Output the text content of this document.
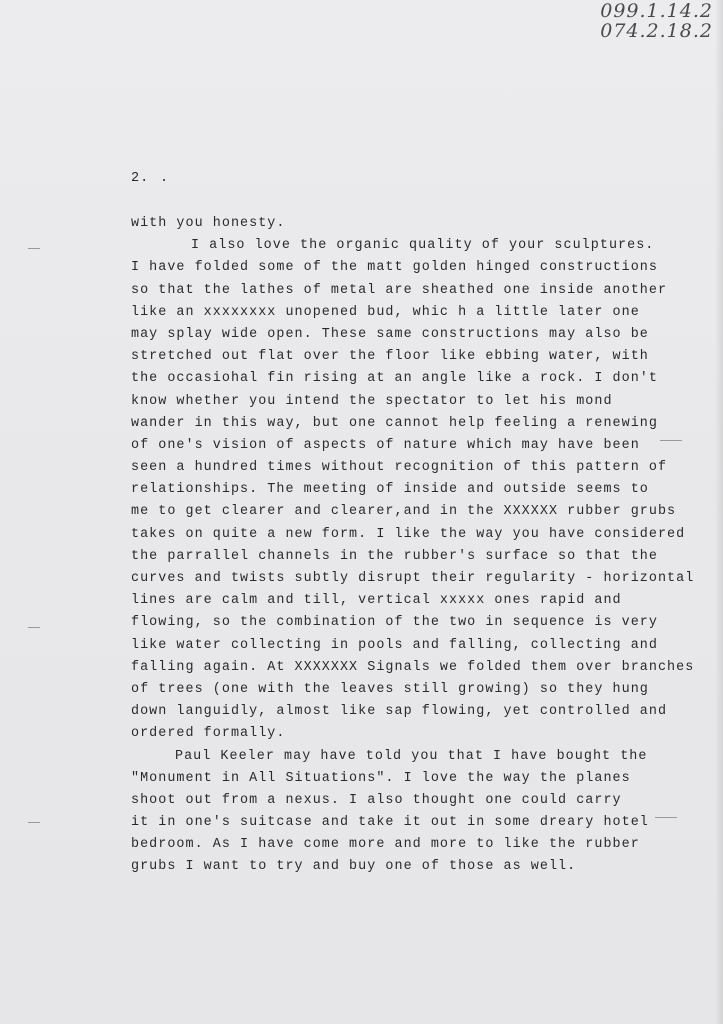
099.1.14.2
074.2.18.2
2. .
with you honesty.
I also love the organic quality of your sculptures.
I have folded some of the matt golden hinged constructions
so that the lathes of metal are sheathed one inside another
like an xxxxxxxx unopened bud, whic h a little later one
may splay wide open. These same constructions may also be
stretched out flat over the floor like ebbing water, with
the occasiohal fin rising at an angle like a rock. I don't
know whether you intend the spectator to let his mond
wander in this way, but one cannot help feeling a renewing
of one's vision of aspects of nature which may have been
seen a hundred times without recognition of this pattern of
relationships. The meeting of inside and outside seems to
me to get clearer and clearer,and in the XXXXXX rubber grubs
takes on quite a new form. I like the way you have considered
the parrallel channels in the rubber's surface so that the
curves and twists subtly disrupt their regularity - horizontal
lines are calm and till, vertical xxxxx ones rapid and
flowing, so the combination of the two in sequence is very
like water collecting in pools and falling, collecting and
falling again. At XXXXXXX Signals we folded them over branches
of trees (one with the leaves still growing) so they hung
down languidly, almost like sap flowing, yet controlled and
ordered formally.
Paul Keeler may have told you that I have bought the
"Monument in All Situations". I love the way the planes
shoot out from a nexus. I also thought one could carry
it in one's suitcase and take it out in some dreary hotel
bedroom. As I have come more and more to like the rubber
grubs I want to try and buy one of those as well.
